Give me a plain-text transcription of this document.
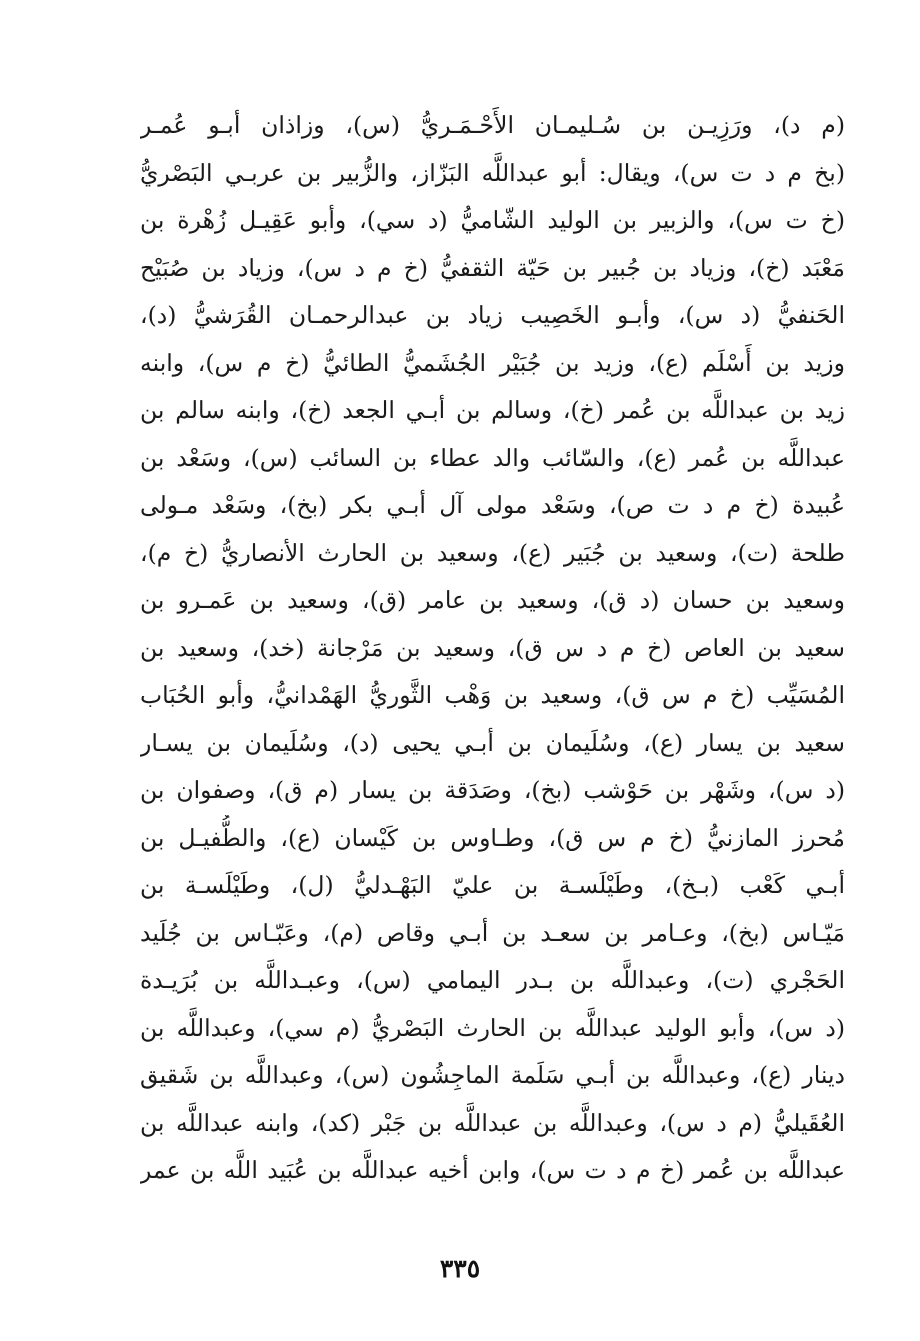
(م د)، ورَزِيـن بن سُـليمـان الأَحْـمَـريُّ (س)، وزاذان أبـو عُمـر
(بخ م د ت س)، ويقال: أبو عبداللَّه البَزّاز، والزُّبير بن عربـي البَصْريُّ
(خ ت س)، والزبير بن الوليد الشّاميُّ (د سي)، وأبو عَقِيـل زُهْرة بن
مَعْبَد (خ)، وزياد بن جُبير بن حَيّة الثقفيُّ (خ م د س)، وزياد بن صُبَيْح
الحَنفيُّ (د س)، وأبـو الخَصِيب زياد بن عبدالرحمـان القُرَشيُّ (د)،
وزيد بن أَسْلَم (ع)، وزيد بن جُبَيْر الجُشَميُّ الطائيُّ (خ م س)، وابنه
زيد بن عبداللَّه بن عُمر (خ)، وسالم بن أبـي الجعد (خ)، وابنه سالم بن
عبداللَّه بن عُمر (ع)، والسّائب والد عطاء بن السائب (س)، وسَعْد بن
عُبيدة (خ م د ت ص)، وسَعْد مولى آل أبـي بكر (بخ)، وسَعْد مـولى
طلحة (ت)، وسعيد بن جُبَير (ع)، وسعيد بن الحارث الأنصاريُّ (خ م)،
وسعيد بن حسان (د ق)، وسعيد بن عامر (ق)، وسعيد بن عَمـرو بن
سعيد بن العاص (خ م د س ق)، وسعيد بن مَرْجانة (خد)، وسعيد بن
المُسَيِّب (خ م س ق)، وسعيد بن وَهْب الثَّوريُّ الهَمْدانيُّ، وأبو الحُبَاب
سعيد بن يسار (ع)، وسُلَيمان بن أبـي يحيى (د)، وسُلَيمان بن يسـار
(د س)، وشَهْر بن حَوْشب (بخ)، وصَدَقة بن يسار (م ق)، وصفوان بن
مُحرز المازنيُّ (خ م س ق)، وطـاوس بن كَيْسان (ع)، والطُّفيـل بن
أبـي كَعْب (بـخ)، وطَيْلَسـة بن عليّ البَهْـدليُّ (ل)، وطَيْلَسـة بن
مَيّـاس (بخ)، وعـامر بن سعـد بن أبـي وقاص (م)، وعَبّـاس بن جُلَيد
الحَجْري (ت)، وعبداللَّه بن بـدر اليمامي (س)، وعبـداللَّه بن بُرَيـدة
(د س)، وأبو الوليد عبداللَّه بن الحارث البَصْريُّ (م سي)، وعبداللَّه بن
دينار (ع)، وعبداللَّه بن أبـي سَلَمة الماجِشُون (س)، وعبداللَّه بن شَقيق
العُقَيليُّ (م د س)، وعبداللَّه بن عبداللَّه بن جَبْر (كد)، وابنه عبداللَّه بن
عبداللَّه بن عُمر (خ م د ت س)، وابن أخيه عبداللَّه بن عُبَيد اللَّه بن عمر
٣٣٥
